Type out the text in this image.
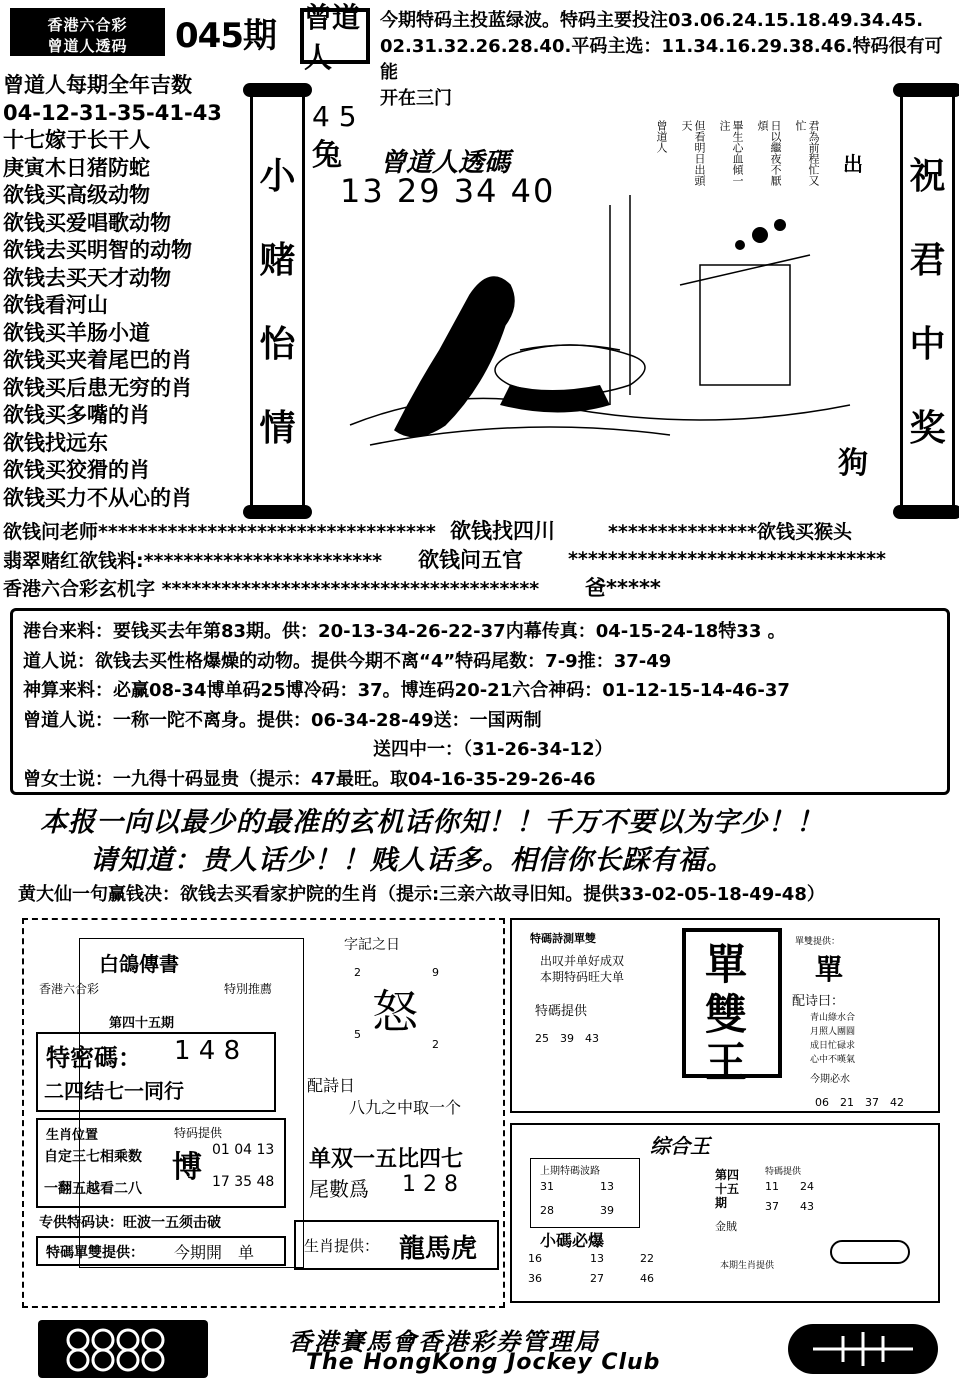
香港六合彩
曾道人透码	045期 曾道人
今期特码主投蓝绿波。特码主要投注03.06.24.15.18.49.34.45.
02.31.32.26.28.40.平码主选：11.34.16.29.38.46.特码很有可能
开在三门
曾道人每期全年吉数
04-12-31-35-41-43
十七嫁于长干人
庚寅木日猪防蛇
欲钱买高级动物
欲钱买爱唱歌动物
欲钱去买明智的动物
欲钱去买天才动物
欲钱看河山
欲钱买羊肠小道
欲钱买夹着尾巴的肖
欲钱买后患无穷的肖
欲钱买多嘴的肖
欲钱找远东
欲钱买狡猾的肖
欲钱买力不从心的肖
小
赌
怡
情
祝
君
中
奖
4 5
兔 曾道人透碼
13 29 34 40
狗
出
君為前程忙又忙
日以繼夜不厭煩
畢生心血傾一注
但看明日出頭天
曾道人
欲钱问老师********************************** 欲钱找四川	***************欲钱买猴头
翡翠赌红欲钱料:************************ 欲钱问五官 ********************************
香港六合彩玄机字 ************************************** 爸*****
港台来料：要钱买去年第83期。供：20-13-34-26-22-37内幕传真：04-15-24-18特33 。
道人说：欲钱去买性格爆燥的动物。提供今期不离“4”特码尾数：7-9推：37-49
神算来料：必赢08-34博单码25博冷码：37。博连码20-21六合神码：01-12-15-14-46-37
曾道人说：一称一陀不离身。提供：06-34-28-49送：一国两制
送四中一：（31-26-34-12）
曾女士说：一九得十码显贵（提示：47最旺。取04-16-35-29-26-46
本报一向以最少的最准的玄机话你知！！千万不要以为字少！！
请知道：贵人话少！！贱人话多。相信你长踩有福。
黄大仙一句赢钱决：欲钱去买看家护院的生肖（提示:三亲六故寻旧知。提供33-02-05-18-49-48）
白鴿傳書
香港六合彩	特別推薦
第四十五期
特密碼： 1 4 8
二四结七一同行
生肖位置
自定三七相乘数
一翻五越看二八
特码提供
博 01 04 13
17 35 48
专供特码诀：旺波一五须击破
特碼單雙提供： 今期開　单
字記之日
2	9
怒
5
2
配詩日
八九之中取一个
单双一五比四七
尾數爲 1 2 8
生肖提供： 龍馬虎
特碼詩測單雙
出叹并单好成双
本期特码旺大单
特碼提供
25　39　43
單
雙
王
單雙提供：
單
配诗曰：
青山綠水合
月照人團圓
成日忙碌求
心中不嘆氣
今期必水
06　21　37　42
综合王
上期特碼波路
31	13
28	39
小碼必爆
16	13	22
36	27	46
第四十五期
特碼提供
11 24
37 43
金賊
本期生肖提供
香港賽馬會香港彩券管理局
The HongKong Jockey Club
